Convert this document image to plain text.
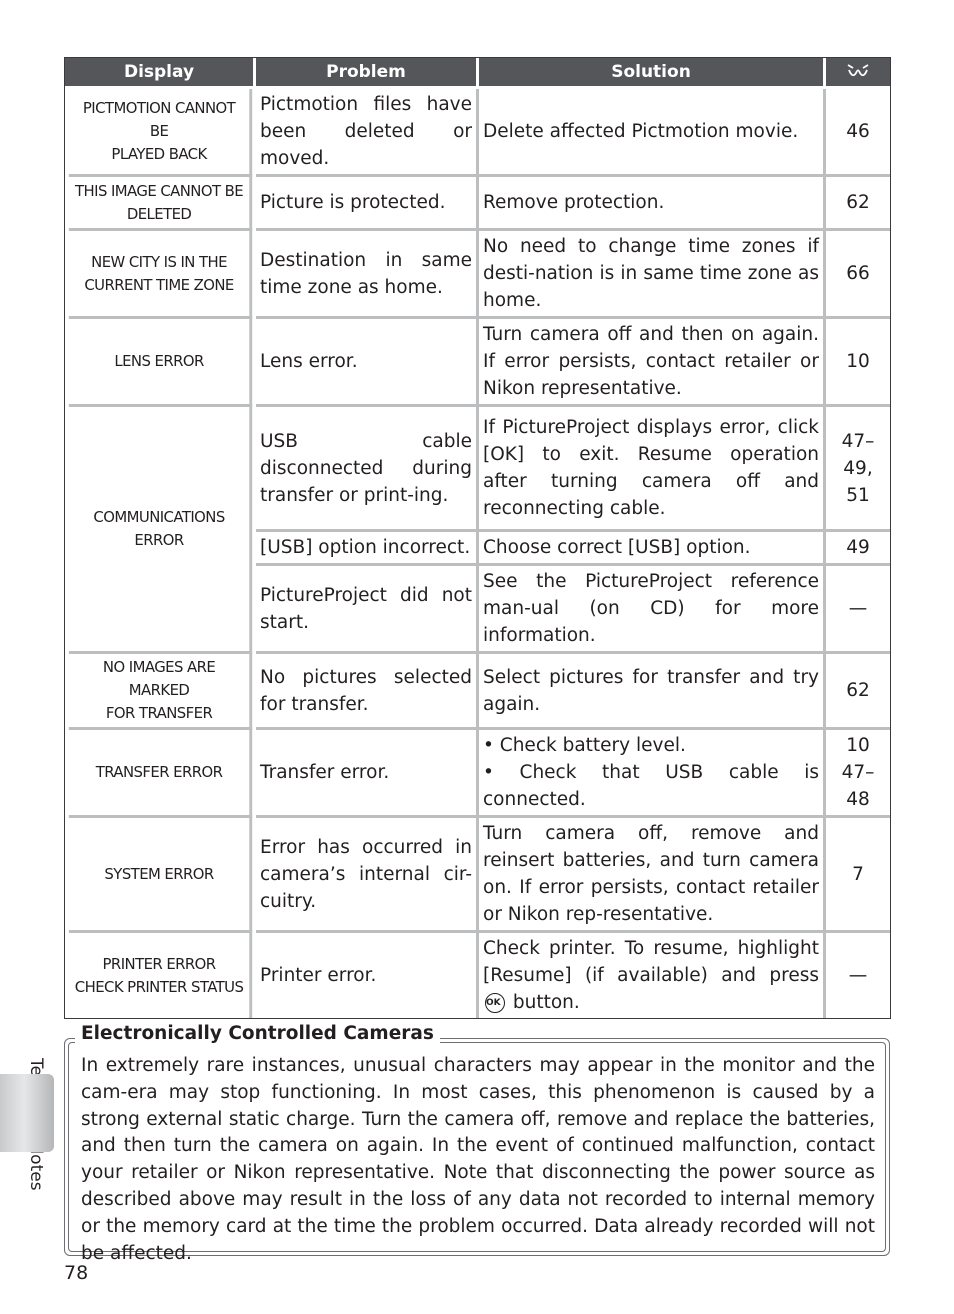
Display	Problem	Solution	

PICTMOTION CANNOT BE
PLAYED BACK	Pictmotion files have been deleted or moved.	Delete affected Pictmotion movie.	46

THIS IMAGE CANNOT BE
DELETED	Picture is protected.	Remove protection.	62

NEW CITY IS IN THE
CURRENT TIME ZONE	Destination in same time zone as home.	No need to change time zones if desti-nation is in same time zone as home.	66

LENS ERROR	Lens error.	Turn camera off and then on again. If error persists, contact retailer or Nikon representative.	10

COMMUNICATIONS ERROR	USB cable disconnected during transfer or print-ing.	If PictureProject displays error, click [OK] to exit. Resume operation after turning camera off and reconnecting cable.	47–49,
51

	[USB] option incorrect.	Choose correct [USB] option.	49

	PictureProject did not start.	See the PictureProject reference man-ual (on CD) for more information.	—

NO IMAGES ARE MARKED
FOR TRANSFER	No pictures selected for transfer.	Select pictures for transfer and try again.	62

TRANSFER ERROR	Transfer error.	• Check battery level.
• Check that USB cable is connected.	10
47–48

SYSTEM ERROR	Error has occurred in camera’s internal cir-cuitry.	Turn camera off, remove and reinsert batteries, and turn camera on. If error persists, contact retailer or Nikon rep-resentative.	7

PRINTER ERROR
CHECK PRINTER STATUS	Printer error.	Check printer. To resume, highlight [Resume] (if available) and press OK button.	—
Electronically Controlled Cameras

In extremely rare instances, unusual characters may appear in the monitor and the cam-era may stop functioning. In most cases, this phenomenon is caused by a strong external static charge. Turn the camera off, remove and replace the batteries, and then turn the camera on again. In the event of continued malfunction, contact your retailer or Nikon representative. Note that disconnecting the power source as described above may result in the loss of any data not recorded to internal memory or the memory card at the time the problem occurred. Data already recorded will not be affected.

78
